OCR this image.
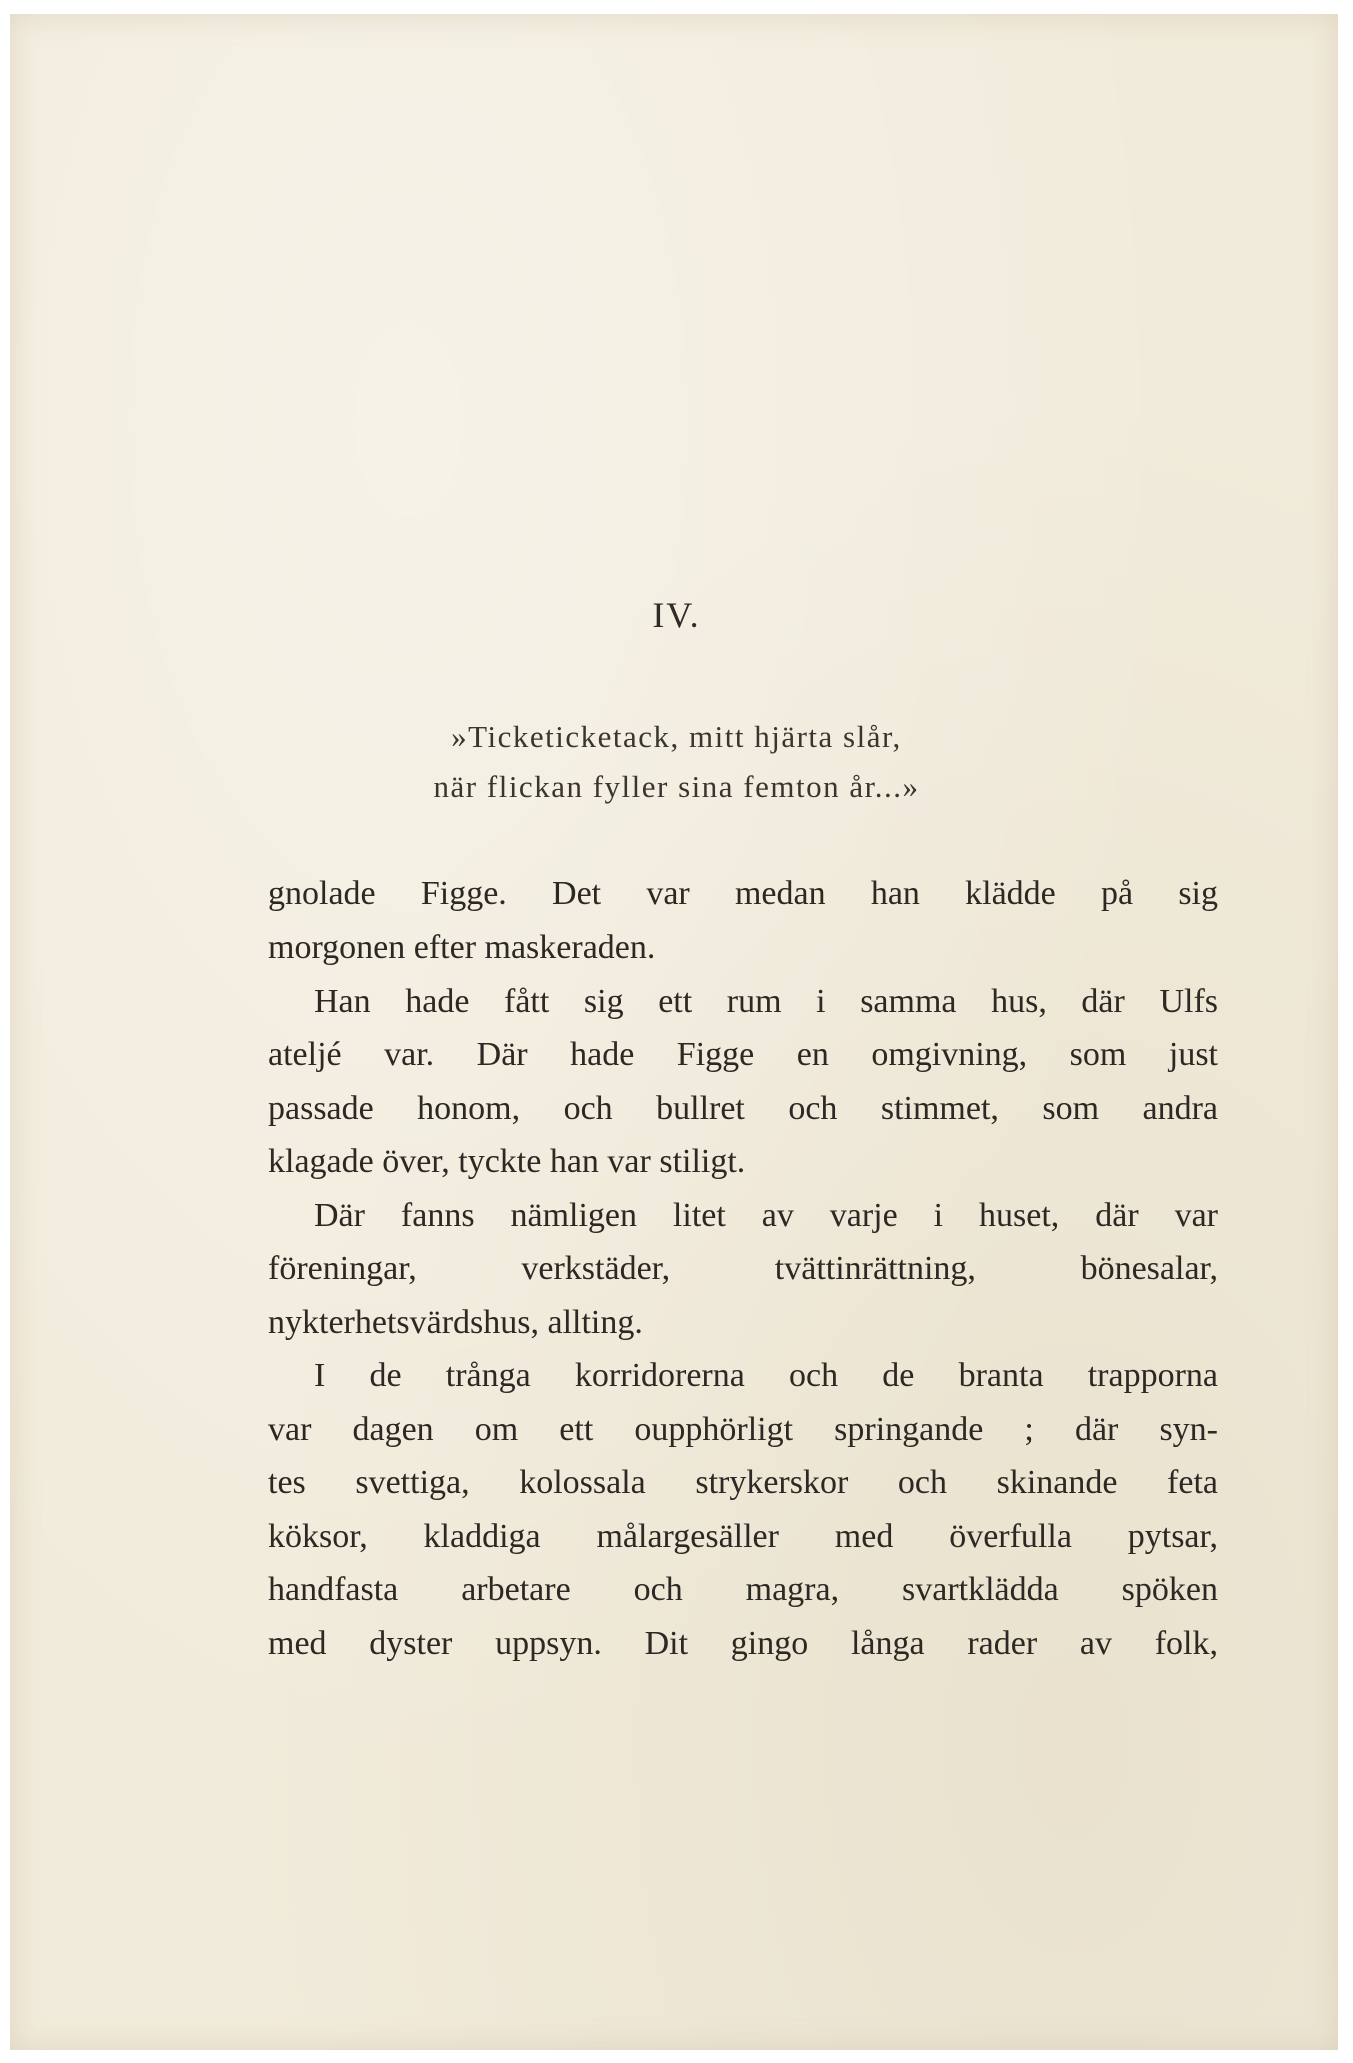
IV.

»Ticketicketack, mitt hjärta slår,

när flickan fyller sina femton år...»

gnolade Figge. Det var medan han klädde på sig

morgonen efter maskeraden.

Han hade fått sig ett rum i samma hus, där Ulfs

atelјé var. Där hade Figge en omgivning, som just

passade honom, och bullret och stimmet, som andra

klagade över, tyckte han var stiligt.

Där fanns nämligen litet av varje i huset, där var

föreningar, verkstäder, tvättinrättning, bönesalar,

nykterhetsvärdshus, allting.

I de trånga korridorerna och de branta trapporna

var dagen om ett oupphörligt springande ; där syn-

tes svettiga, kolossala strykerskor och skinande feta

köksor, kladdiga målargesäller med överfulla pytsar,

handfasta arbetare och magra, svartklädda spöken

med dyster uppsyn. Dit gingo långa rader av folk,
